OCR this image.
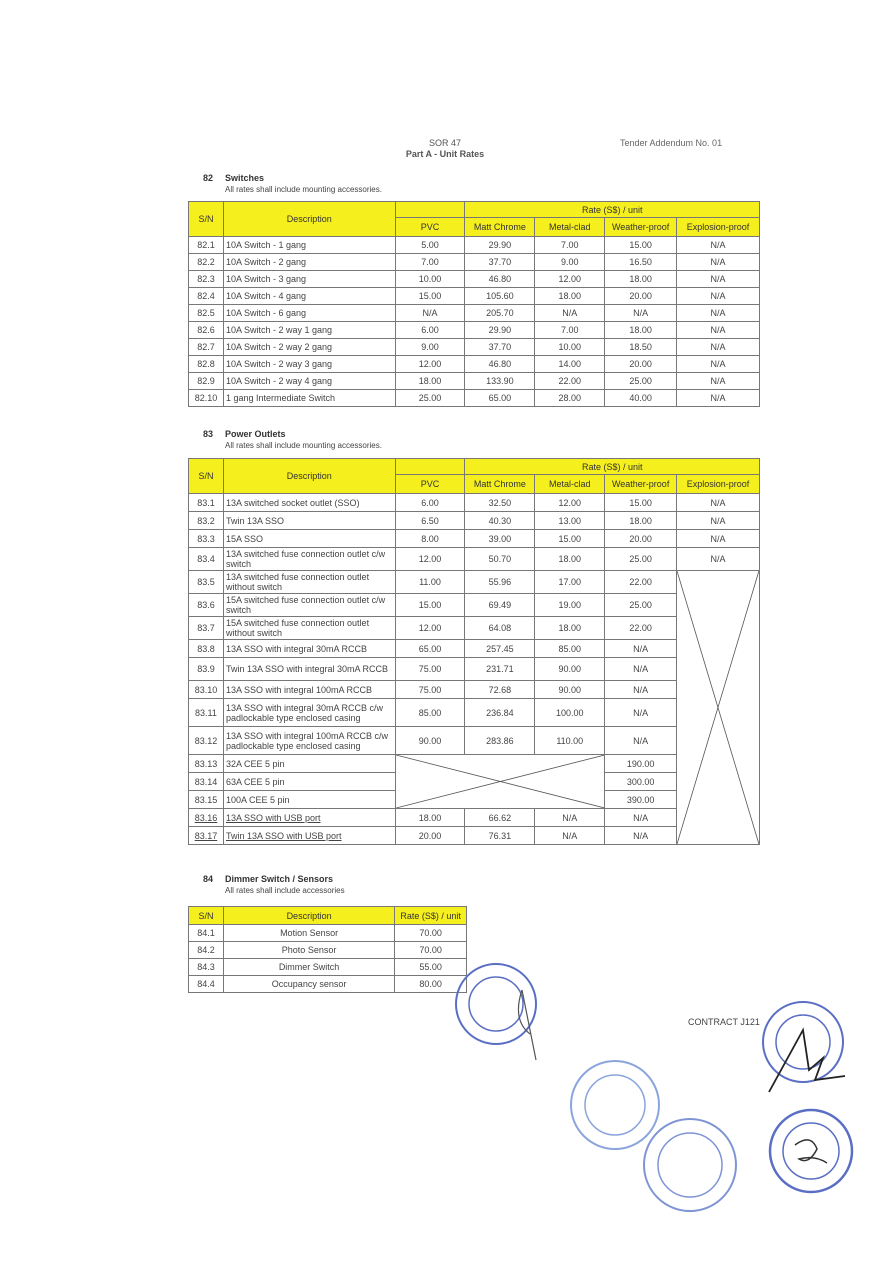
SOR 47
Part A - Unit Rates
Tender Addendum No. 01
82 Switches
All rates shall include mounting accessories.
S/N	Description		Rate (S$) / unit			
		PVC	Matt Chrome	Metal-clad	Weather-proof	Explosion-proof
82.1	10A Switch - 1 gang	5.00	29.90	7.00	15.00	N/A
82.2	10A Switch - 2 gang	7.00	37.70	9.00	16.50	N/A
82.3	10A Switch - 3 gang	10.00	46.80	12.00	18.00	N/A
82.4	10A Switch - 4 gang	15.00	105.60	18.00	20.00	N/A
82.5	10A Switch - 6 gang	N/A	205.70	N/A	N/A	N/A
82.6	10A Switch - 2 way 1 gang	6.00	29.90	7.00	18.00	N/A
82.7	10A Switch - 2 way 2 gang	9.00	37.70	10.00	18.50	N/A
82.8	10A Switch - 2 way 3 gang	12.00	46.80	14.00	20.00	N/A
82.9	10A Switch - 2 way 4 gang	18.00	133.90	22.00	25.00	N/A
82.10	1 gang Intermediate Switch	25.00	65.00	28.00	40.00	N/A
83 Power Outlets
All rates shall include mounting accessories.
S/N	Description		Rate (S$) / unit			
		PVC	Matt Chrome	Metal-clad	Weather-proof	Explosion-proof
83.1	13A switched socket outlet (SSO)	6.00	32.50	12.00	15.00	N/A
83.2	Twin 13A SSO	6.50	40.30	13.00	18.00	N/A
83.3	15A SSO	8.00	39.00	15.00	20.00	N/A
83.4	13A switched fuse connection outlet c/w switch	12.00	50.70	18.00	25.00	N/A
83.5	13A switched fuse connection outlet without switch	11.00	55.96	17.00	22.00	

83.6	15A switched fuse connection outlet c/w switch	15.00	69.49	19.00	25.00	
83.7	15A switched fuse connection outlet without switch	12.00	64.08	18.00	22.00	
83.8	13A SSO with integral 30mA RCCB	65.00	257.45	85.00	N/A	
83.9	Twin 13A SSO with integral 30mA RCCB	75.00	231.71	90.00	N/A	
83.10	13A SSO with integral 100mA RCCB	75.00	72.68	90.00	N/A	
83.11	13A SSO with integral 30mA RCCB c/w padlockable type enclosed casing	85.00	236.84	100.00	N/A	
83.12	13A SSO with integral 100mA RCCB c/w padlockable type enclosed casing	90.00	283.86	110.00	N/A	
83.13	32A CEE 5 pin				190.00	
83.14	63A CEE 5 pin				300.00	
83.15	100A CEE 5 pin				390.00	
83.16	13A SSO with USB port	18.00	66.62	N/A	N/A	
83.17	Twin 13A SSO with USB port	20.00	76.31	N/A	N/A	
84 Dimmer Switch / Sensors
All rates shall include accessories
S/N	Description	Rate (S$) / unit
84.1	Motion Sensor	70.00
84.2	Photo Sensor	70.00
84.3	Dimmer Switch	55.00
84.4	Occupancy sensor	80.00
CONTRACT J121
